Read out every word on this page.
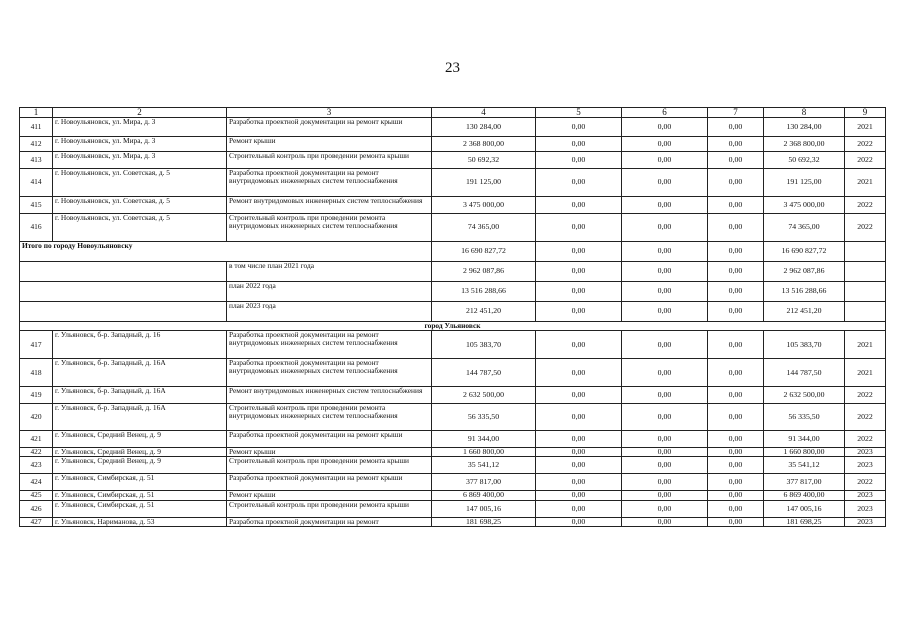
23
1	2	3	4	5	6	7	8	9
411	г. Новоульяновск, ул. Мира, д. 3	Разработка проектной документации на ремонт крыши	130 284,00	0,00	0,00	0,00	130 284,00	2021
412	г. Новоульяновск, ул. Мира, д. 3	Ремонт крыши	2 368 800,00	0,00	0,00	0,00	2 368 800,00	2022
413	г. Новоульяновск, ул. Мира, д. 3	Строительный контроль при проведении ремонта крыши	50 692,32	0,00	0,00	0,00	50 692,32	2022
414	г. Новоульяновск, ул. Советская, д. 5	Разработка проектной документации на ремонт внутридомовых инженерных систем теплоснабжения	191 125,00	0,00	0,00	0,00	191 125,00	2021
415	г. Новоульяновск, ул. Советская, д. 5	Ремонт внутридомовых инженерных систем теплоснабжения	3 475 000,00	0,00	0,00	0,00	3 475 000,00	2022
416	г. Новоульяновск, ул. Советская, д. 5	Строительный контроль при проведении ремонта внутридомовых инженерных систем теплоснабжения	74 365,00	0,00	0,00	0,00	74 365,00	2022
Итого по городу Новоульяновску			16 690 827,72	0,00	0,00	0,00	16 690 827,72	
		в том числе план 2021 года	2 962 087,86	0,00	0,00	0,00	2 962 087,86	
		план 2022 года	13 516 288,66	0,00	0,00	0,00	13 516 288,66	
		план 2023 года	212 451,20	0,00	0,00	0,00	212 451,20	
город Ульяновск								
417	г. Ульяновск, б-р. Западный, д. 16	Разработка проектной документации на ремонт внутридомовых инженерных систем теплоснабжения	105 383,70	0,00	0,00	0,00	105 383,70	2021
418	г. Ульяновск, б-р. Западный, д. 16А	Разработка проектной документации на ремонт внутридомовых инженерных систем теплоснабжения	144 787,50	0,00	0,00	0,00	144 787,50	2021
419	г. Ульяновск, б-р. Западный, д. 16А	Ремонт внутридомовых инженерных систем теплоснабжения	2 632 500,00	0,00	0,00	0,00	2 632 500,00	2022
420	г. Ульяновск, б-р. Западный, д. 16А	Строительный контроль при проведении ремонта внутридомовых инженерных систем теплоснабжения	56 335,50	0,00	0,00	0,00	56 335,50	2022
421	г. Ульяновск, Средний Венец, д. 9	Разработка проектной документации на ремонт крыши	91 344,00	0,00	0,00	0,00	91 344,00	2022
422	г. Ульяновск, Средний Венец, д. 9	Ремонт крыши	1 660 800,00	0,00	0,00	0,00	1 660 800,00	2023
423	г. Ульяновск, Средний Венец, д. 9	Строительный контроль при проведении ремонта крыши	35 541,12	0,00	0,00	0,00	35 541,12	2023
424	г. Ульяновск, Симбирская, д. 51	Разработка проектной документации на ремонт крыши	377 817,00	0,00	0,00	0,00	377 817,00	2022
425	г. Ульяновск, Симбирская, д. 51	Ремонт крыши	6 869 400,00	0,00	0,00	0,00	6 869 400,00	2023
426	г. Ульяновск, Симбирская, д. 51	Строительный контроль при проведении ремонта крыши	147 005,16	0,00	0,00	0,00	147 005,16	2023
427	г. Ульяновск, Нариманова, д. 53	Разработка проектной документации на ремонт	181 698,25	0,00	0,00	0,00	181 698,25	2023
